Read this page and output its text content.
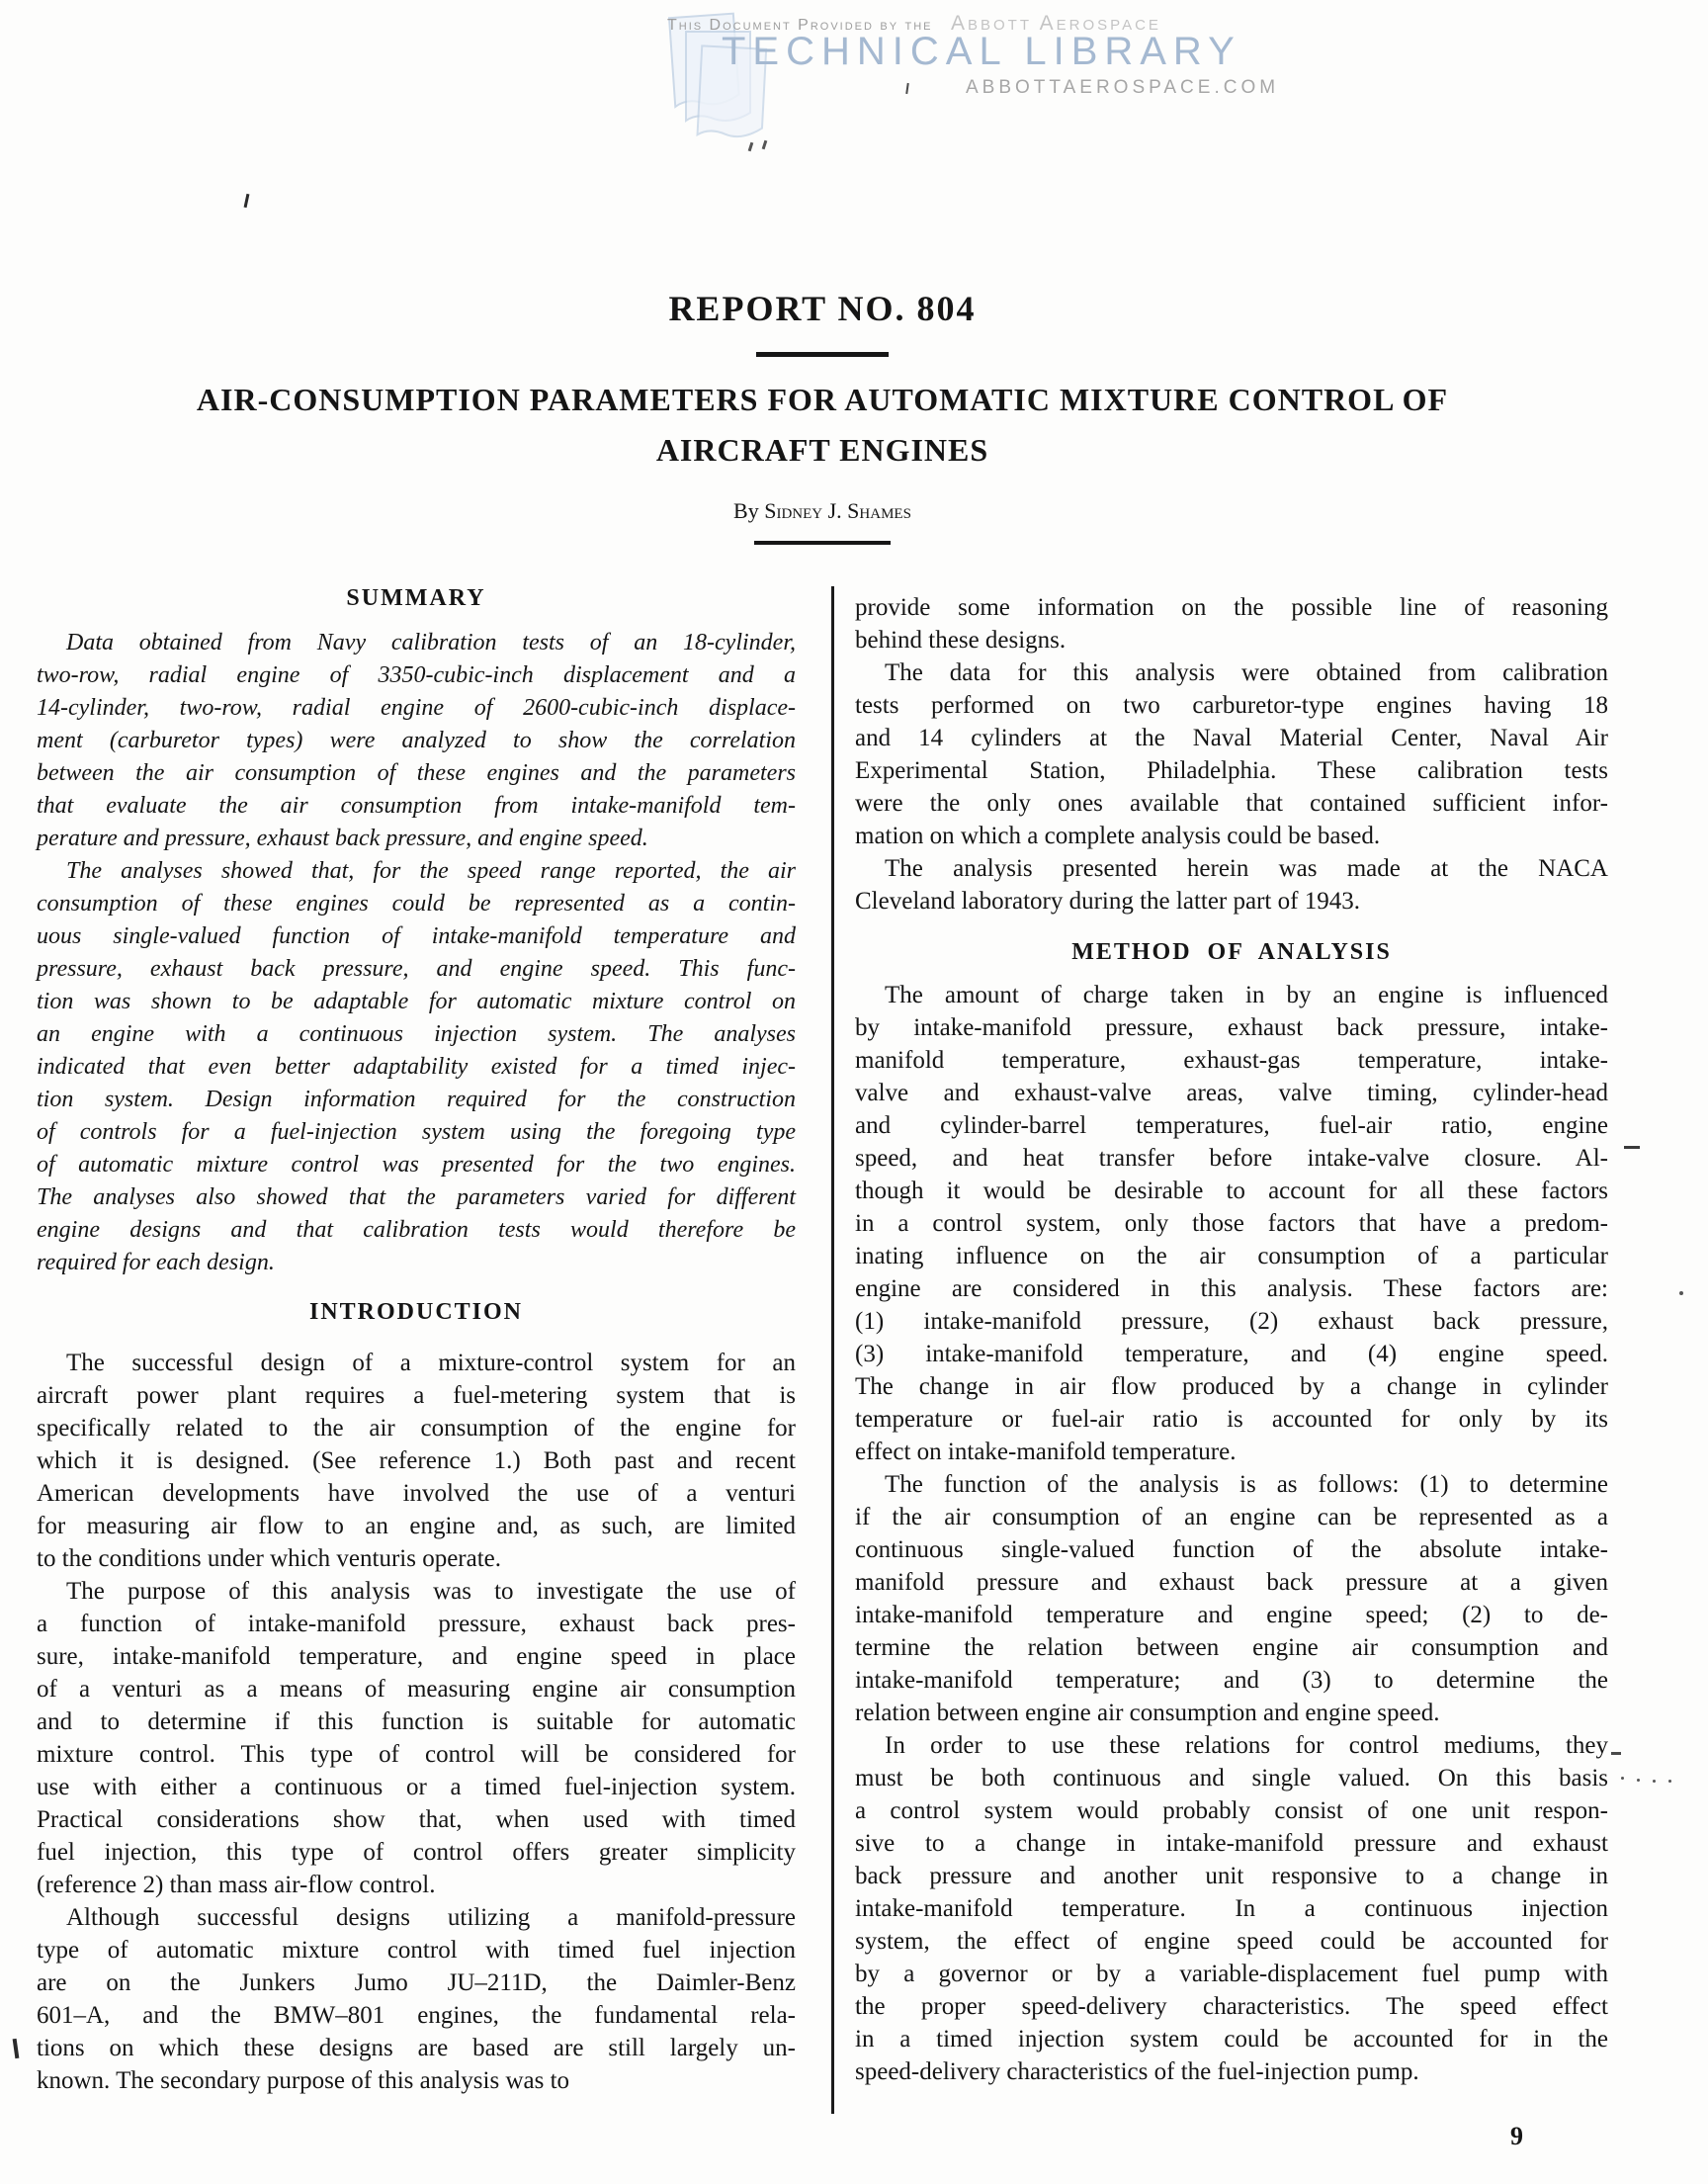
This Document Provided by the Abbott Aerospace
TECHNICAL LIBRARY
ABBOTTAEROSPACE.COM
REPORT NO. 804
AIR-CONSUMPTION PARAMETERS FOR AUTOMATIC MIXTURE CONTROL OF
AIRCRAFT ENGINES
By Sidney J. Shames
SUMMARY
Data obtained from Navy calibration tests of an 18-cylinder,
two-row, radial engine of 3350-cubic-inch displacement and a
14-cylinder, two-row, radial engine of 2600-cubic-inch displace-
ment (carburetor types) were analyzed to show the correlation
between the air consumption of these engines and the parameters
that evaluate the air consumption from intake-manifold tem-
perature and pressure, exhaust back pressure, and engine speed.
The analyses showed that, for the speed range reported, the air
consumption of these engines could be represented as a contin-
uous single-valued function of intake-manifold temperature and
pressure, exhaust back pressure, and engine speed. This func-
tion was shown to be adaptable for automatic mixture control on
an engine with a continuous injection system. The analyses
indicated that even better adaptability existed for a timed injec-
tion system. Design information required for the construction
of controls for a fuel-injection system using the foregoing type
of automatic mixture control was presented for the two engines.
The analyses also showed that the parameters varied for different
engine designs and that calibration tests would therefore be
required for each design.
INTRODUCTION
The successful design of a mixture-control system for an
aircraft power plant requires a fuel-metering system that is
specifically related to the air consumption of the engine for
which it is designed. (See reference 1.) Both past and recent
American developments have involved the use of a venturi
for measuring air flow to an engine and, as such, are limited
to the conditions under which venturis operate.
The purpose of this analysis was to investigate the use of
a function of intake-manifold pressure, exhaust back pres-
sure, intake-manifold temperature, and engine speed in place
of a venturi as a means of measuring engine air consumption
and to determine if this function is suitable for automatic
mixture control. This type of control will be considered for
use with either a continuous or a timed fuel-injection system.
Practical considerations show that, when used with timed
fuel injection, this type of control offers greater simplicity
(reference 2) than mass air-flow control.
Although successful designs utilizing a manifold-pressure
type of automatic mixture control with timed fuel injection
are on the Junkers Jumo JU–211D, the Daimler-Benz
601–A, and the BMW–801 engines, the fundamental rela-
tions on which these designs are based are still largely un-
known. The secondary purpose of this analysis was to
provide some information on the possible line of reasoning
behind these designs.
The data for this analysis were obtained from calibration
tests performed on two carburetor-type engines having 18
and 14 cylinders at the Naval Material Center, Naval Air
Experimental Station, Philadelphia. These calibration tests
were the only ones available that contained sufficient infor-
mation on which a complete analysis could be based.
The analysis presented herein was made at the NACA
Cleveland laboratory during the latter part of 1943.
METHOD OF ANALYSIS
The amount of charge taken in by an engine is influenced
by intake-manifold pressure, exhaust back pressure, intake-
manifold temperature, exhaust-gas temperature, intake-
valve and exhaust-valve areas, valve timing, cylinder-head
and cylinder-barrel temperatures, fuel-air ratio, engine
speed, and heat transfer before intake-valve closure. Al-
though it would be desirable to account for all these factors
in a control system, only those factors that have a predom-
inating influence on the air consumption of a particular
engine are considered in this analysis. These factors are:
(1) intake-manifold pressure, (2) exhaust back pressure,
(3) intake-manifold temperature, and (4) engine speed.
The change in air flow produced by a change in cylinder
temperature or fuel-air ratio is accounted for only by its
effect on intake-manifold temperature.
The function of the analysis is as follows: (1) to determine
if the air consumption of an engine can be represented as a
continuous single-valued function of the absolute intake-
manifold pressure and exhaust back pressure at a given
intake-manifold temperature and engine speed; (2) to de-
termine the relation between engine air consumption and
intake-manifold temperature; and (3) to determine the
relation between engine air consumption and engine speed.
In order to use these relations for control mediums, they
must be both continuous and single valued. On this basis
a control system would probably consist of one unit respon-
sive to a change in intake-manifold pressure and exhaust
back pressure and another unit responsive to a change in
intake-manifold temperature. In a continuous injection
system, the effect of engine speed could be accounted for
by a governor or by a variable-displacement fuel pump with
the proper speed-delivery characteristics. The speed effect
in a timed injection system could be accounted for in the
speed-delivery characteristics of the fuel-injection pump.
9
